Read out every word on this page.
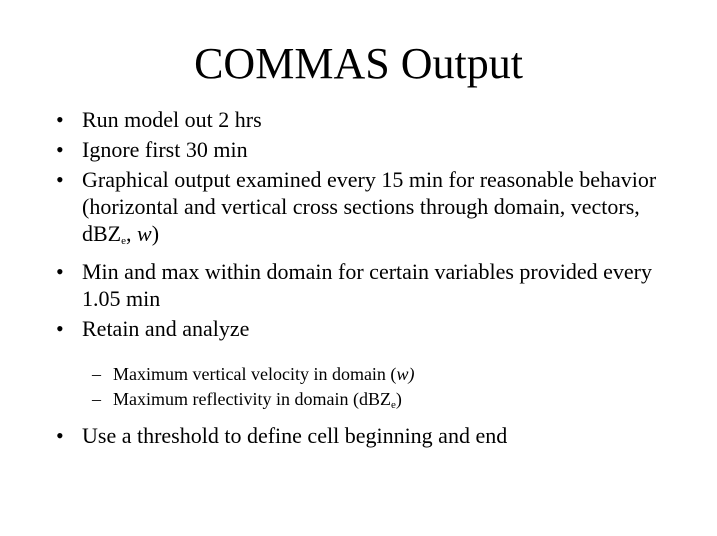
COMMAS Output
• Run model out 2 hrs
• Ignore first 30 min
• Graphical output examined every 15 min for reasonable behavior (horizontal and vertical cross sections through domain, vectors, dBZe, w)
• Min and max within domain for certain variables provided every 1.05 min
• Retain and analyze
– Maximum vertical velocity in domain (w)
– Maximum reflectivity in domain (dBZe)
• Use a threshold to define cell beginning and end
